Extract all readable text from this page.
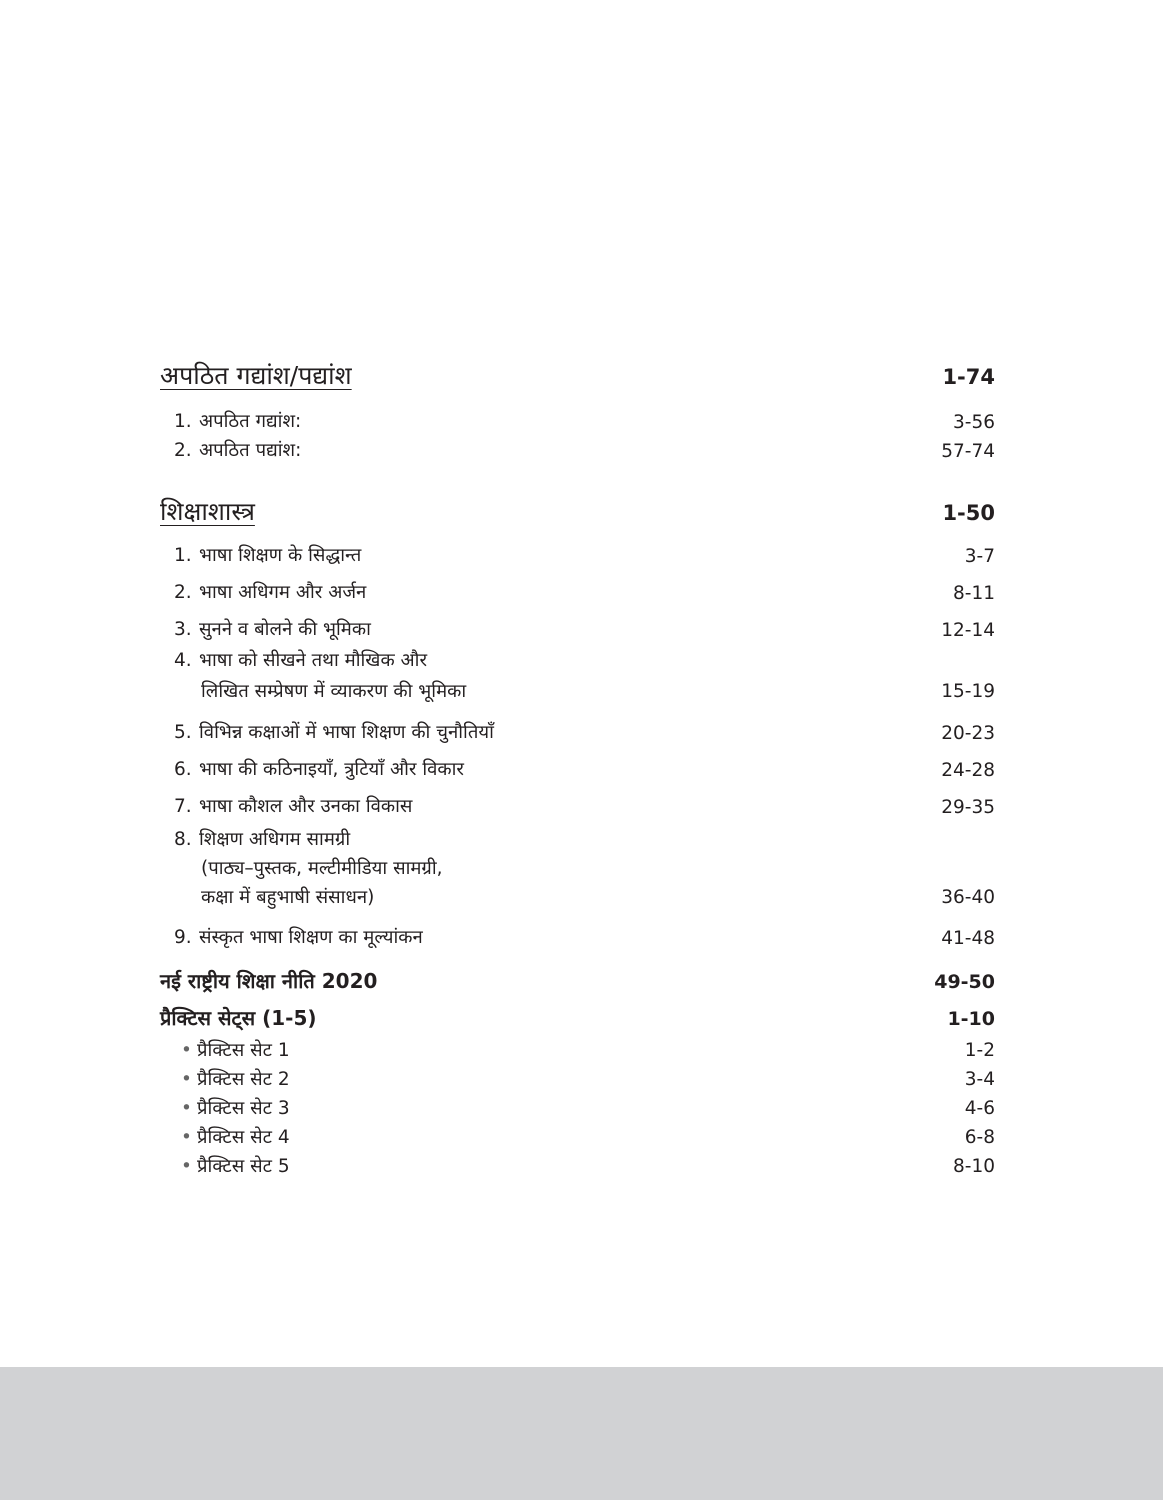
अपठित गद्यांश/पद्यांश	1-74
1. अपठित गद्यांश:	3-56
2. अपठित पद्यांश:	57-74
शिक्षाशास्त्र	1-50
1. भाषा शिक्षण के सिद्धान्त	3-7
2. भाषा अधिगम और अर्जन	8-11
3. सुनने व बोलने की भूमिका	12-14
4. भाषा को सीखने तथा मौखिक और
लिखित सम्प्रेषण में व्याकरण की भूमिका	15-19
5. विभिन्न कक्षाओं में भाषा शिक्षण की चुनौतियाँ	20-23
6. भाषा की कठिनाइयाँ, त्रुटियाँ और विकार	24-28
7. भाषा कौशल और उनका विकास	29-35
8. शिक्षण अधिगम सामग्री
(पाठ्य–पुस्तक, मल्टीमीडिया सामग्री,
कक्षा में बहुभाषी संसाधन)	36-40
9. संस्कृत भाषा शिक्षण का मूल्यांकन	41-48
नई राष्ट्रीय शिक्षा नीति 2020	49-50
प्रैक्टिस सेट्स (1-5)	1-10
• प्रैक्टिस सेट 1	1-2
• प्रैक्टिस सेट 2	3-4
• प्रैक्टिस सेट 3	4-6
• प्रैक्टिस सेट 4	6-8
• प्रैक्टिस सेट 5	8-10
